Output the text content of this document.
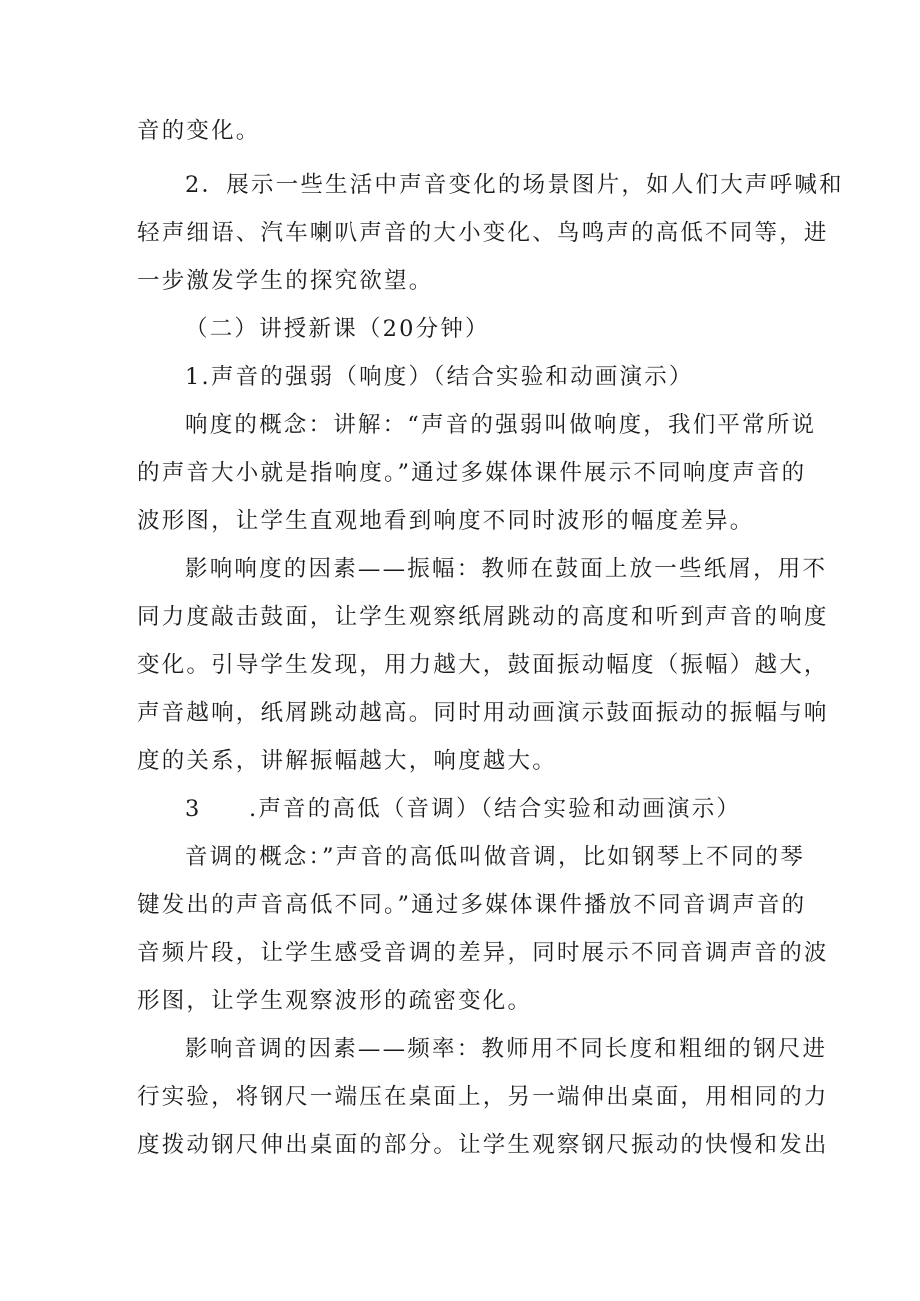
音的变化。
2．展示一些生活中声音变化的场景图片，如人们大声呼喊和
轻声细语、汽车喇叭声音的大小变化、鸟鸣声的高低不同等，进
一步激发学生的探究欲望。
（二）讲授新课（20分钟）
1.声音的强弱（响度）（结合实验和动画演示）
响度的概念：讲解：“声音的强弱叫做响度，我们平常所说
的声音大小就是指响度。”通过多媒体课件展示不同响度声音的
波形图，让学生直观地看到响度不同时波形的幅度差异。
影响响度的因素——振幅：教师在鼓面上放一些纸屑，用不
同力度敲击鼓面，让学生观察纸屑跳动的高度和听到声音的响度
变化。引导学生发现，用力越大，鼓面振动幅度（振幅）越大，
声音越响，纸屑跳动越高。同时用动画演示鼓面振动的振幅与响
度的关系，讲解振幅越大，响度越大。
3 .声音的高低（音调）（结合实验和动画演示）
音调的概念：”声音的高低叫做音调，比如钢琴上不同的琴
键发出的声音高低不同。”通过多媒体课件播放不同音调声音的
音频片段，让学生感受音调的差异，同时展示不同音调声音的波
形图，让学生观察波形的疏密变化。
影响音调的因素——频率：教师用不同长度和粗细的钢尺进
行实验，将钢尺一端压在桌面上，另一端伸出桌面，用相同的力
度拨动钢尺伸出桌面的部分。让学生观察钢尺振动的快慢和发出
